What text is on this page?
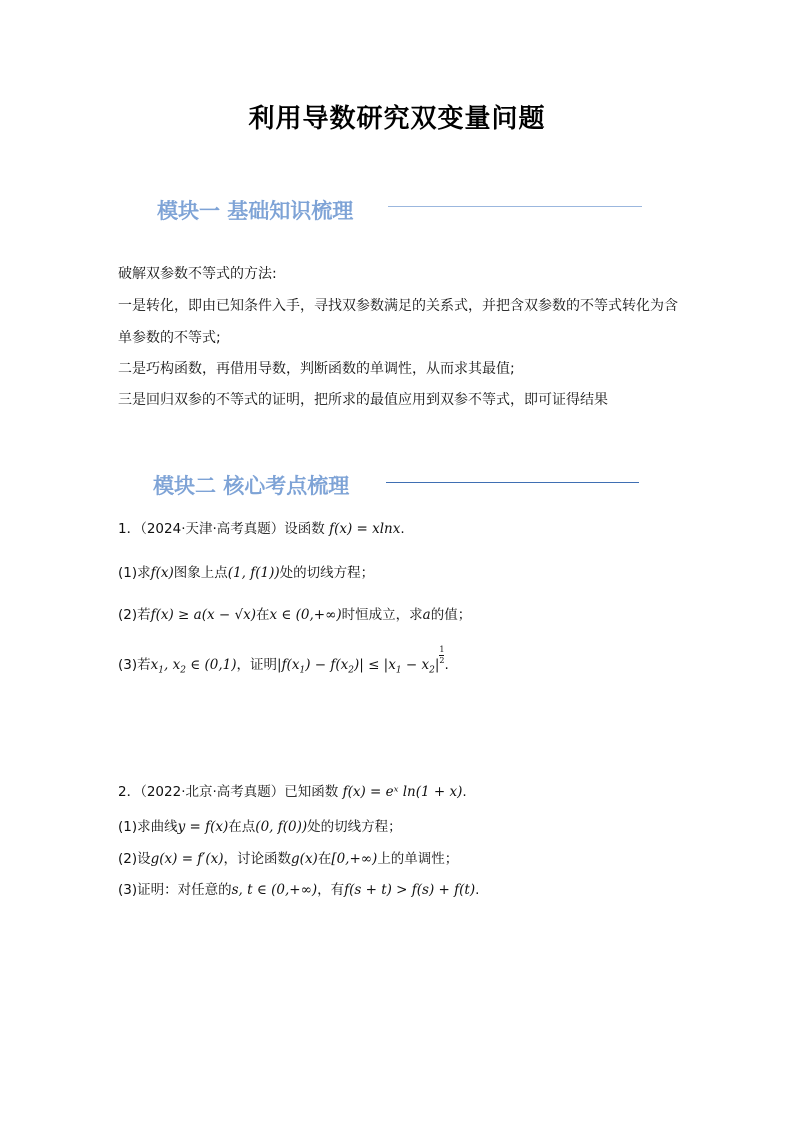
利用导数研究双变量问题
模块一 基础知识梳理
破解双参数不等式的方法:
一是转化，即由已知条件入手，寻找双参数满足的关系式，并把含双参数的不等式转化为含
单参数的不等式;
二是巧构函数，再借用导数，判断函数的单调性，从而求其最值;
三是回归双参的不等式的证明，把所求的最值应用到双参不等式，即可证得结果
模块二 核心考点梳理
1．（2024·天津·高考真题）设函数 f(x) = xlnx.
(1)求f(x)图象上点(1, f(1))处的切线方程；
(2)若f(x) ≥ a(x − √x)在x ∈ (0,+∞)时恒成立，求a的值；
(3)若$x_1$, $x_2$ ∈ (0,1)，证明$|f(x_1) - f(x_2)| \le |x_1 - x_2| \frac{1}{2}$ .
2．（2022·北京·高考真题）已知函数 f(x) = eˣ ln(1 + x).
(1)求曲线y = f(x)在点(0, f(0))处的切线方程；
(2)设g(x) = f′(x)，讨论函数g(x)在[0,+∞)上的单调性；
(3)证明：对任意的s, t ∈ (0,+∞)，有f(s + t) > f(s) + f(t).
